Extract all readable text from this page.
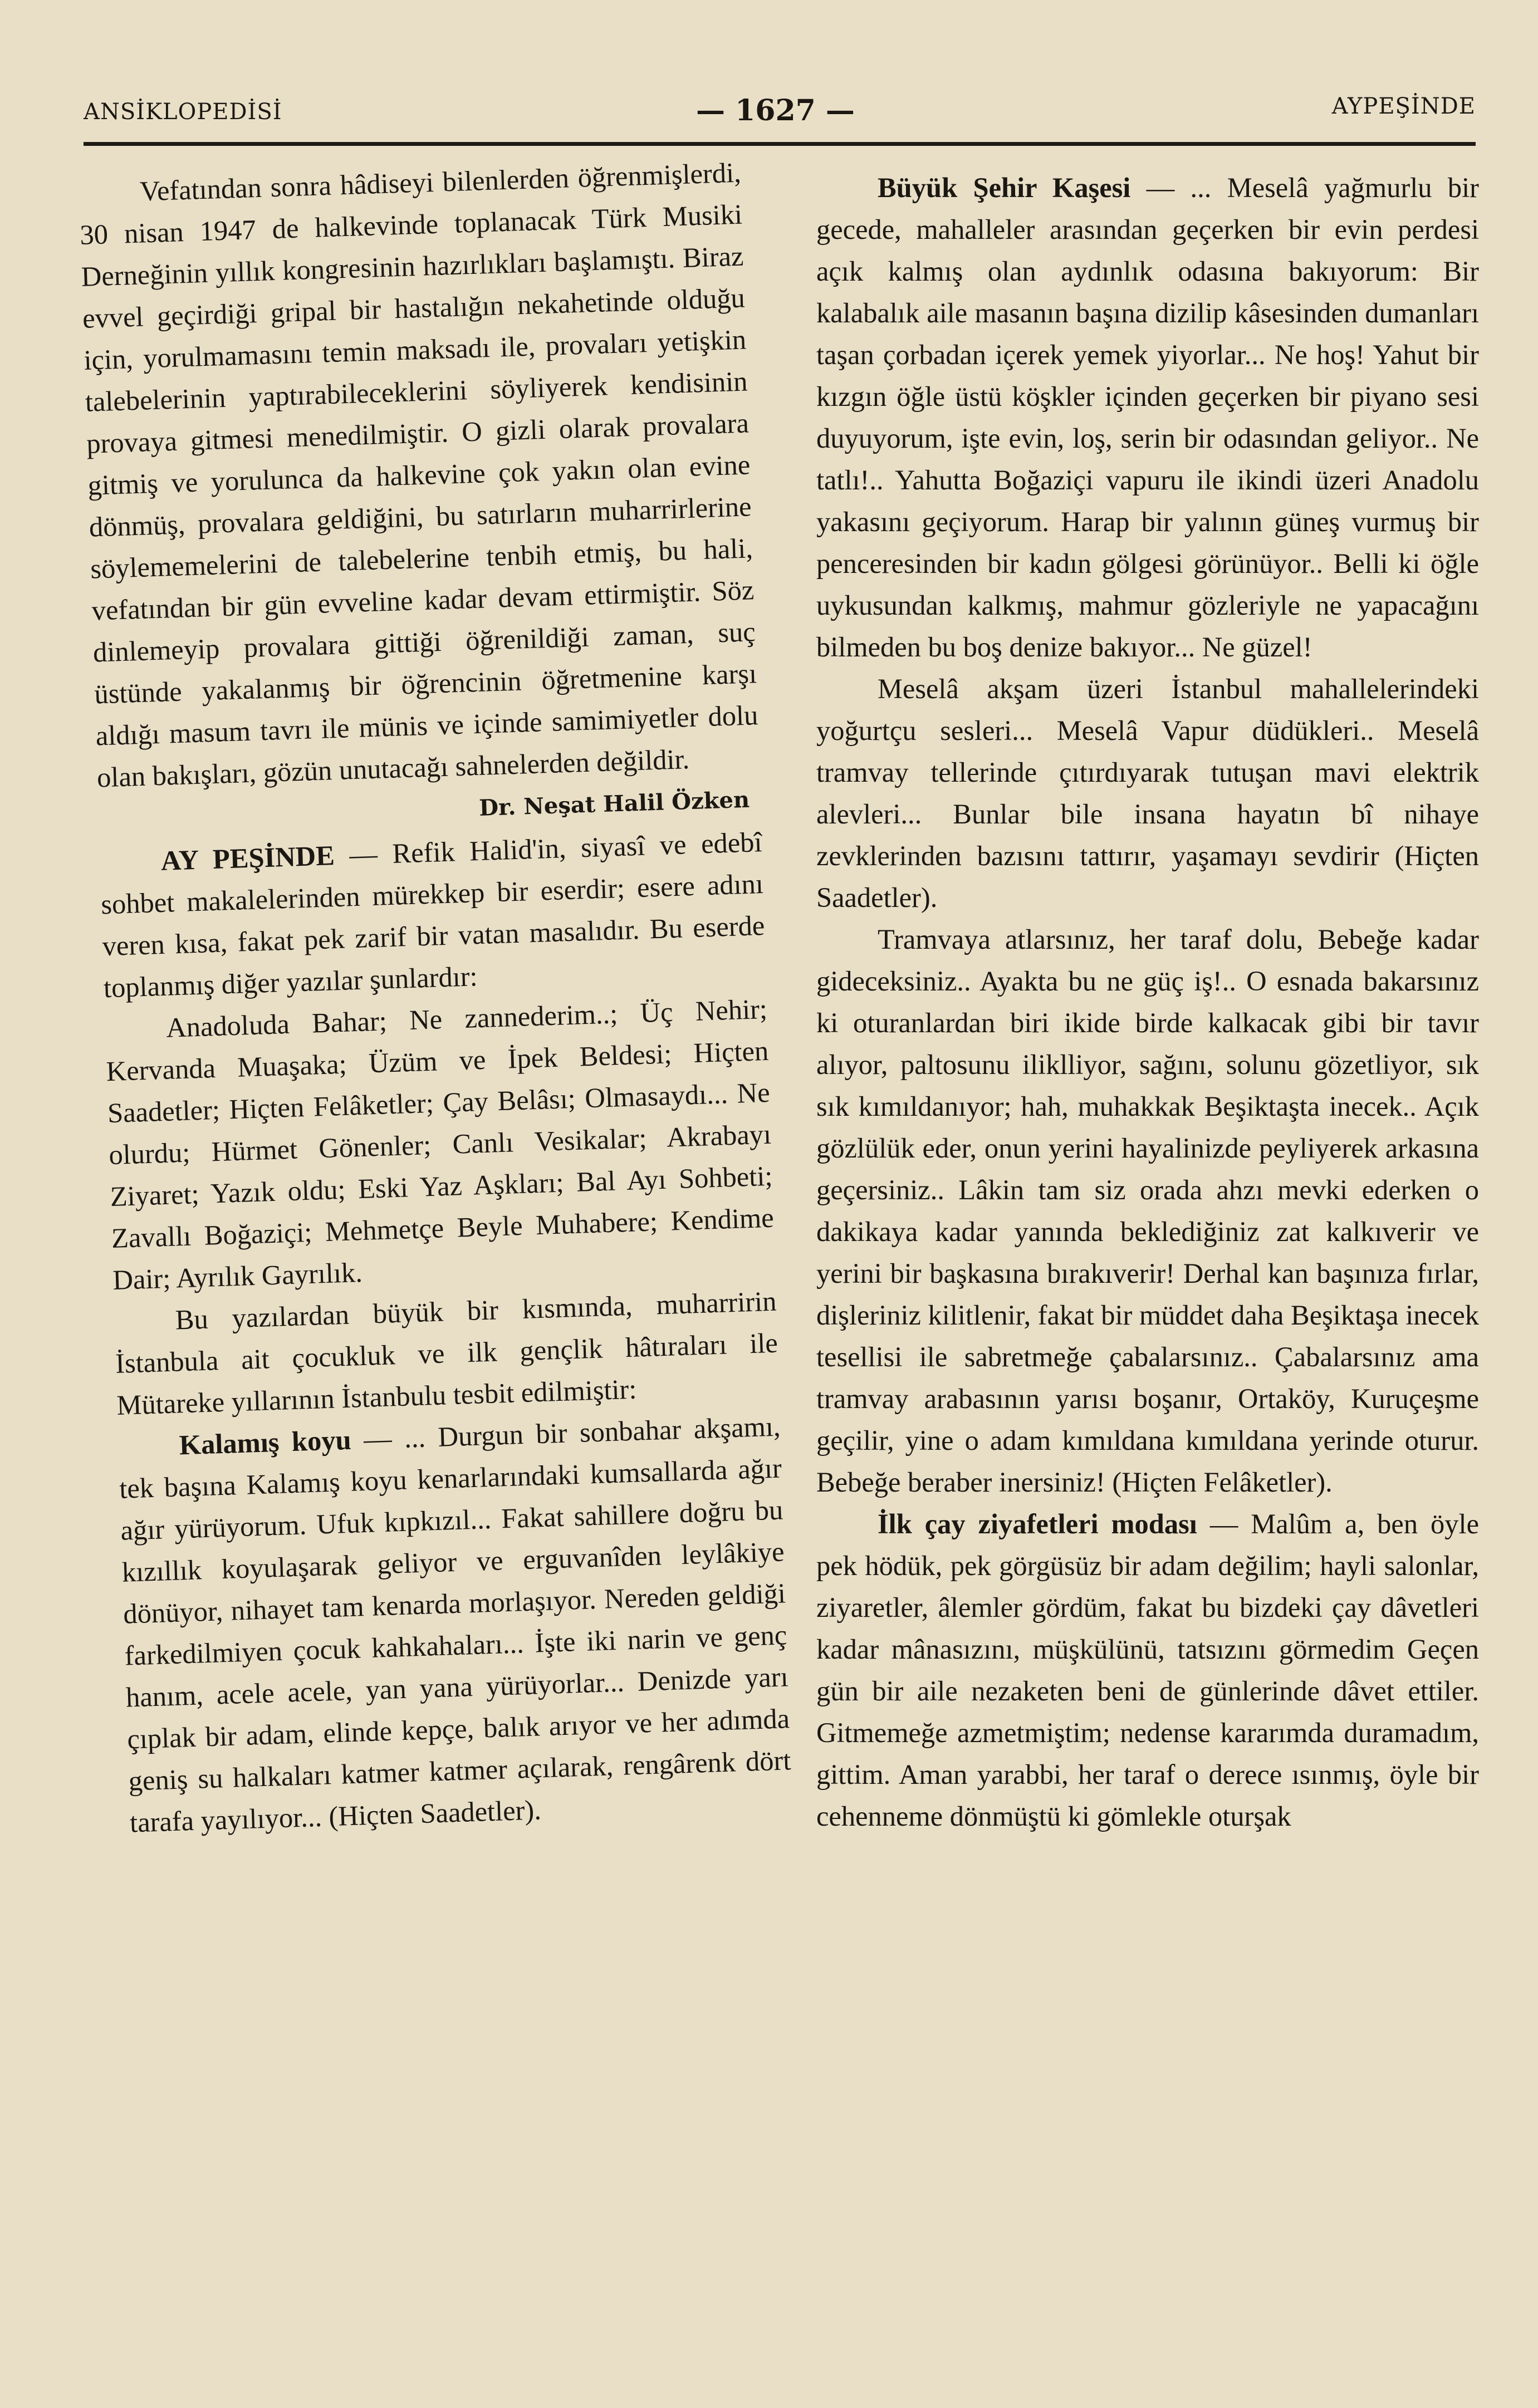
ANSİKLOPEDİSİ	— 1627 —	AYPEŞİNDE

Vefatından sonra hâdiseyi bilenlerden öğrenmişlerdi, 30 nisan 1947 de halkevinde toplanacak Türk Musiki Derneğinin yıllık kongresinin hazırlıkları başlamıştı. Biraz evvel geçirdiği gripal bir hastalığın nekahetinde olduğu için, yorulmamasını temin maksadı ile, provaları yetişkin talebelerinin yaptırabileceklerini söyliyerek kendisinin provaya gitmesi menedilmiştir. O gizli olarak provalara gitmiş ve yorulunca da halkevine çok yakın olan evine dönmüş, provalara geldiğini, bu satırların muharrirlerine söylememelerini de talebelerine tenbih etmiş, bu hali, vefatından bir gün evveline kadar devam ettirmiştir. Söz dinlemeyip provalara gittiği öğrenildiği zaman, suç üstünde yakalanmış bir öğrencinin öğretmenine karşı aldığı masum tavrı ile münis ve içinde samimiyetler dolu olan bakışları, gözün unutacağı sahnelerden değildir.

Dr. Neşat Halil Özken

AY PEŞİNDE — Refik Halid'in, siyasî ve edebî sohbet makalelerinden mürekkep bir eserdir; esere adını veren kısa, fakat pek zarif bir vatan masalıdır. Bu eserde toplanmış diğer yazılar şunlardır:

Anadoluda Bahar; Ne zannederim..; Üç Nehir; Kervanda Muaşaka; Üzüm ve İpek Beldesi; Hiçten Saadetler; Hiçten Felâketler; Çay Belâsı; Olmasaydı... Ne olurdu; Hürmet Gönenler; Canlı Vesikalar; Akrabayı Ziyaret; Yazık oldu; Eski Yaz Aşkları; Bal Ayı Sohbeti; Zavallı Boğaziçi; Mehmetçe Beyle Muhabere; Kendime Dair; Ayrılık Gayrılık.

Bu yazılardan büyük bir kısmında, muharririn İstanbula ait çocukluk ve ilk gençlik hâtıraları ile Mütareke yıllarının İstanbulu tesbit edilmiştir:

Kalamış koyu — ... Durgun bir sonbahar akşamı, tek başına Kalamış koyu kenarlarındaki kumsallarda ağır ağır yürüyorum. Ufuk kıpkızıl... Fakat sahillere doğru bu kızıllık koyulaşarak geliyor ve erguvanîden leylâkiye dönüyor, nihayet tam kenarda morlaşıyor. Nereden geldiği farkedilmiyen çocuk kahkahaları... İşte iki narin ve genç hanım, acele acele, yan yana yürüyorlar... Denizde yarı çıplak bir adam, elinde kepçe, balık arıyor ve her adımda geniş su halkaları katmer katmer açılarak, rengârenk dört tarafa yayılıyor... (Hiçten Saadetler).

Büyük Şehir Kaşesi — ... Meselâ yağmurlu bir gecede, mahalleler arasından geçerken bir evin perdesi açık kalmış olan aydınlık odasına bakıyorum: Bir kalabalık aile masanın başına dizilip kâsesinden dumanları taşan çorbadan içerek yemek yiyorlar... Ne hoş! Yahut bir kızgın öğle üstü köşkler içinden geçerken bir piyano sesi duyuyorum, işte evin, loş, serin bir odasından geliyor.. Ne tatlı!.. Yahutta Boğaziçi vapuru ile ikindi üzeri Anadolu yakasını geçiyorum. Harap bir yalının güneş vurmuş bir penceresinden bir kadın gölgesi görünüyor.. Belli ki öğle uykusundan kalkmış, mahmur gözleriyle ne yapacağını bilmeden bu boş denize bakıyor... Ne güzel!

Meselâ akşam üzeri İstanbul mahallelerindeki yoğurtçu sesleri... Meselâ Vapur düdükleri.. Meselâ tramvay tellerinde çıtırdıyarak tutuşan mavi elektrik alevleri... Bunlar bile insana hayatın bî nihaye zevklerinden bazısını tattırır, yaşamayı sevdirir (Hiçten Saadetler).

Tramvaya atlarsınız, her taraf dolu, Bebeğe kadar gideceksiniz.. Ayakta bu ne güç iş!.. O esnada bakarsınız ki oturanlardan biri ikide birde kalkacak gibi bir tavır alıyor, paltosunu iliklliyor, sağını, solunu gözetliyor, sık sık kımıldanıyor; hah, muhakkak Beşiktaşta inecek.. Açık gözlülük eder, onun yerini hayalinizde peyliyerek arkasına geçersiniz.. Lâkin tam siz orada ahzı mevki ederken o dakikaya kadar yanında beklediğiniz zat kalkıverir ve yerini bir başkasına bırakıverir! Derhal kan başınıza fırlar, dişleriniz kilitlenir, fakat bir müddet daha Beşiktaşa inecek tesellisi ile sabretmeğe çabalarsınız.. Çabalarsınız ama tramvay arabasının yarısı boşanır, Ortaköy, Kuruçeşme geçilir, yine o adam kımıldana kımıldana yerinde oturur. Bebeğe beraber inersiniz! (Hiçten Felâketler).

İlk çay ziyafetleri modası — Malûm a, ben öyle pek hödük, pek görgüsüz bir adam değilim; hayli salonlar, ziyaretler, âlemler gördüm, fakat bu bizdeki çay dâvetleri kadar mânasızını, müşkülünü, tatsızını görmedim Geçen gün bir aile nezaketen beni de günlerinde dâvet ettiler. Gitmemeğe azmetmiştim; nedense kararımda duramadım, gittim. Aman yarabbi, her taraf o derece ısınmış, öyle bir cehenneme dönmüştü ki gömlekle oturşak
